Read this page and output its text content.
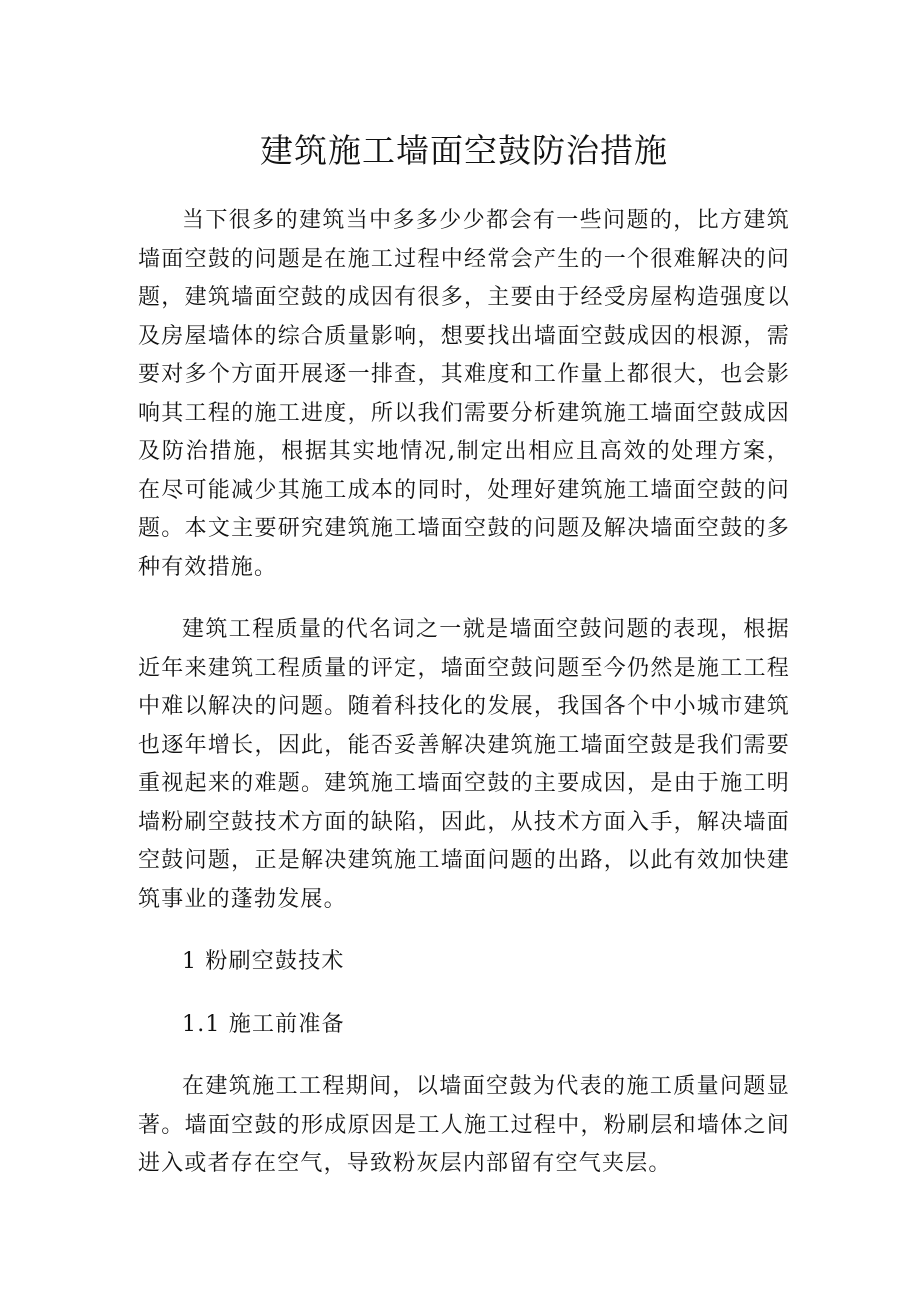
建筑施工墙面空鼓防治措施

当下很多的建筑当中多多少少都会有一些问题的，比方建筑墙面空鼓的问题是在施工过程中经常会产生的一个很难解决的问题，建筑墙面空鼓的成因有很多，主要由于经受房屋构造强度以及房屋墙体的综合质量影响，想要找出墙面空鼓成因的根源，需要对多个方面开展逐一排查，其难度和工作量上都很大，也会影响其工程的施工进度，所以我们需要分析建筑施工墙面空鼓成因及防治措施，根据其实地情况,制定出相应且高效的处理方案，在尽可能减少其施工成本的同时，处理好建筑施工墙面空鼓的问题。本文主要研究建筑施工墙面空鼓的问题及解决墙面空鼓的多种有效措施。

建筑工程质量的代名词之一就是墙面空鼓问题的表现，根据近年来建筑工程质量的评定，墙面空鼓问题至今仍然是施工工程中难以解决的问题。随着科技化的发展，我国各个中小城市建筑也逐年增长，因此，能否妥善解决建筑施工墙面空鼓是我们需要重视起来的难题。建筑施工墙面空鼓的主要成因，是由于施工明墙粉刷空鼓技术方面的缺陷，因此，从技术方面入手，解决墙面空鼓问题，正是解决建筑施工墙面问题的出路，以此有效加快建筑事业的蓬勃发展。

1 粉刷空鼓技术

1.1 施工前准备

在建筑施工工程期间，以墙面空鼓为代表的施工质量问题显著。墙面空鼓的形成原因是工人施工过程中，粉刷层和墙体之间进入或者存在空气，导致粉灰层内部留有空气夹层。
